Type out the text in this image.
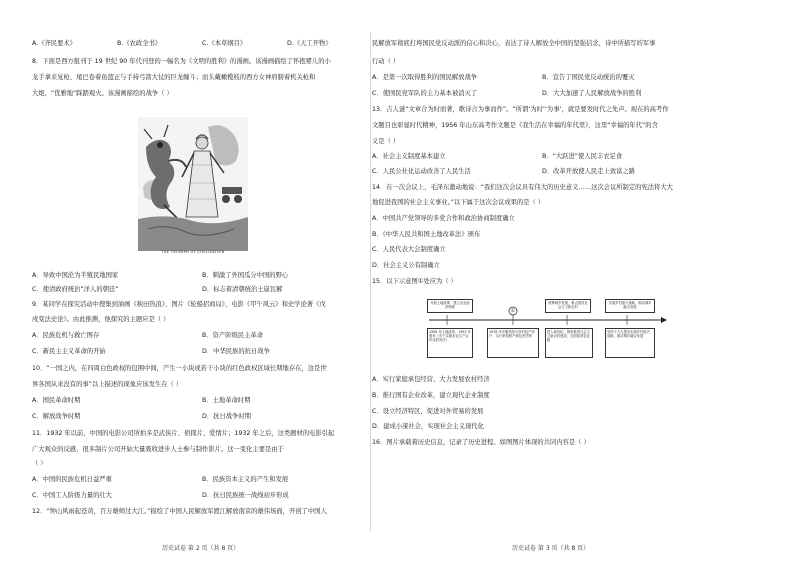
A.《齐民要术》	B.《农政全书》	C.《本草纲目》	D.《天工开物》
8．下面是西方报刊于 19 世纪 90 年代刊登的一幅名为《文明的胜利》的漫画。该漫画描绘了怀抱婴儿的小
龙手拿来复枪、尾巴卷着鱼篮正与手持弓箭大仗的巨龙缠斗；而头戴橄榄枝的西方女神肩膀着机关枪和
大炮，“优雅地”踩踏观火。该漫画描绘的战争（ ）
THE TRIUMPH OF CIVILIZATION
A．导致中国沦为半殖民地国家	B．刺激了外国瓜分中国的野心
C．使清政府统治“洋人的朝廷”	D．标志着清朝统治土崩瓦解
9．某同学在探究活动中搜集到油画《秧田热浪》、图片《轮船招商局》、电影《甲午风云》和史学论著《戊
戌变法史论》。由此推测，他探究的主题应是（ ）
A．民族危机与救亡图存	B．资产阶级民主革命
C．新民主主义革命的开始	D．中华民族的抗日战争
10．“一国之内，在四周白色政权的包围中间，产生一小块或若干小块的红色政权区域长期地存在，这是世
界各国从来没有的事”以上描述的现象应该发生在（ ）
A．国民革命时期	B．土地革命时期
C．解放战争时期	D．抗日战争时期
11．1932 年以前，中国的电影公司所拍多是武侠片、侦探片、爱情片；1932 年之后，这类题材的电影引起
广大观众的反感，很多制片公司开始大量吸收进步人士参与制作影片。这一变化主要是由于
（ ）
A．中国的民族危机日益严重	B．民族资本主义的产生和发展
C．中国工人阶级力量的壮大	D．抗日民族统一战线初步形成
12．“钟山风雨起苍黄，百万雄师过大江。”描绘了中国人民解放军渡江解放南京的雄伟场面，开创了中国人
历史试卷 第 2 页（共 8 页）
民解放军彻底打垮国民党反动派的信心和决心，表达了诗人解放全中国的坚强信念，诗中所描写的军事
行动（ ）
A．是第一次取得胜利的国民解放战争	B．宣告了国民党反动统治的覆灭
C．使国民党军队的主力基本被消灭了	D．大大加速了人民解放战争的胜利
13．吉人谜“文章合为时而著，歌诗合为事而作”。“所谓‘为时’‘为事’，就是要发时代之先声。现在的高考作
文题目也彰显时代精神，1956 年山东高考作文题是《我生活在幸福的年代里》，这里“幸福的年代”的含
义是（ ）
A．社会主义制度基本建立	B．“大跃进”使人民丰衣足食
C．人民公社化运动改善了人民生活	D．改革开放使人民走上致富之路
14．在一次会议上，毛泽东激动地说：“我们这次会议具有伟大的历史意义……这次会议所制定的宪法将大大
地促进我国的社会主义事业。”以下属于这次会议成果的是（ ）
A．中国共产党领导的多党合作和政治协商制度确立
B．《中华人民共和国土地改革法》颁布
C．人民代表大会制度确立
D．社会主义公有制确立
15．以下示意图①处应为（ ）
①
开展土地改革，建立农业经济制度
统筹城乡发展，重点建设社会主义新农村
实施乡村振兴战略，推动城乡融合发展
1950 年土地改革、1952 年颁布《关于实施农业生产合作社的决议》
1978 年安徽凤阳小岗村包产到户，实行家庭联产承包责任制
进入新世纪，国家推进社会主义新农村建设，全面取消农业税
党的十九大提出实施乡村振兴战略，推动城乡融合发展
A．实行家庭承包经营，大力发展农村经济
B．推行国有企业改革，建立现代企业制度
C．设立经济特区，促进对外贸易的发展
D．建成小康社会，实现社会主义现代化
16．图片承载着历史信息，记录了历史进程。如图图片体现的共同内容是（ ）
历史试卷 第 3 页（共 8 页）
